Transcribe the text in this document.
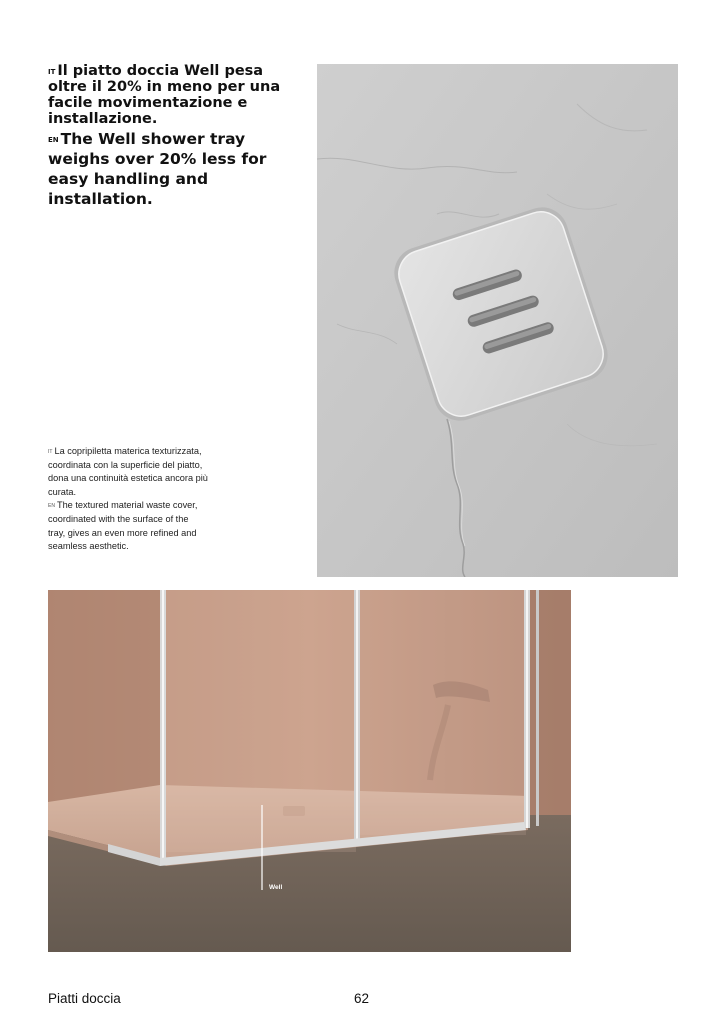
$^{IT}$ Il piatto doccia Well pesa oltre il 20% in meno per una facile movimentazione e installazione.

$^{EN}$ The Well shower tray weighs over 20% less for easy handling and installation.

$^{IT}$ La copripiletta materica texturizzata, coordinata con la superficie del piatto, dona una continuità estetica ancora più curata.

$^{EN}$ The textured material waste cover, coordinated with the surface of the tray, gives an even more refined and seamless aesthetic.

Well
Piatti doccia	62
